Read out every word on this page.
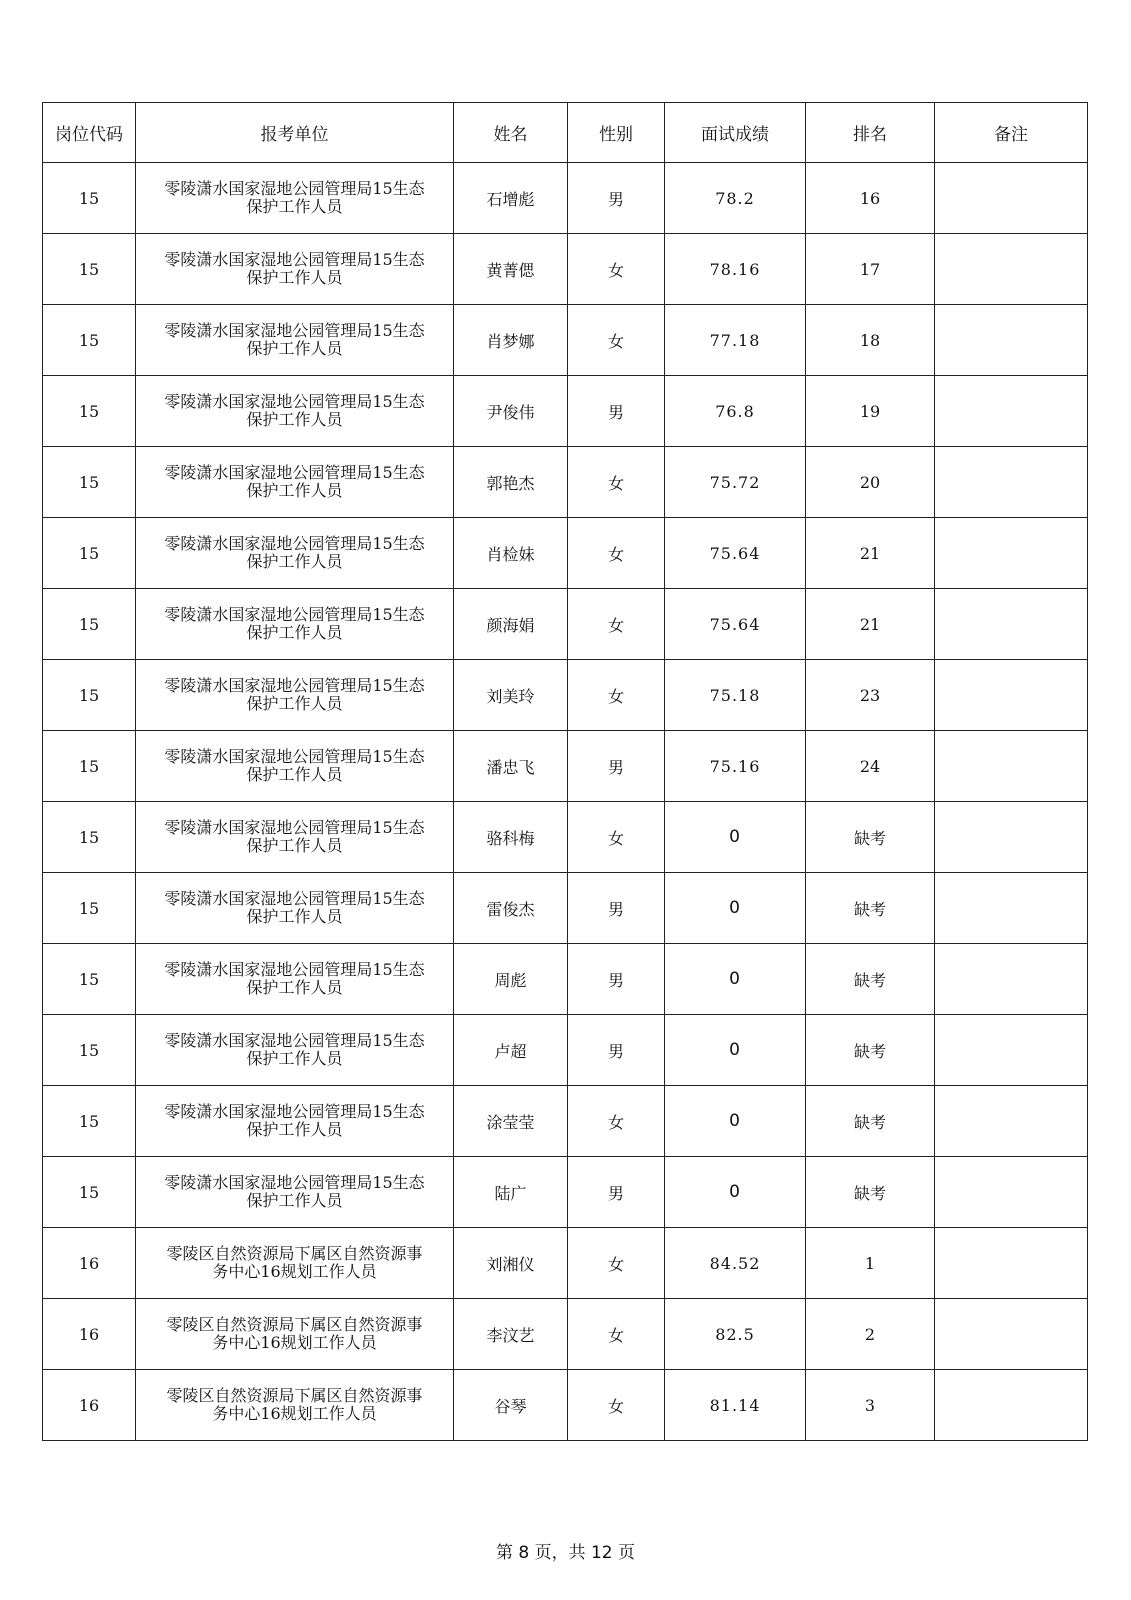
岗位代码	报考单位	姓名	性别	面试成绩	排名	备注
15	零陵潇水国家湿地公园管理局15生态
保护工作人员	石增彪	男	78.2	16	
15	零陵潇水国家湿地公园管理局15生态
保护工作人员	黄菁偲	女	78.16	17	
15	零陵潇水国家湿地公园管理局15生态
保护工作人员	肖梦娜	女	77.18	18	
15	零陵潇水国家湿地公园管理局15生态
保护工作人员	尹俊伟	男	76.8	19	
15	零陵潇水国家湿地公园管理局15生态
保护工作人员	郭艳杰	女	75.72	20	
15	零陵潇水国家湿地公园管理局15生态
保护工作人员	肖检妹	女	75.64	21	
15	零陵潇水国家湿地公园管理局15生态
保护工作人员	颜海娟	女	75.64	21	
15	零陵潇水国家湿地公园管理局15生态
保护工作人员	刘美玲	女	75.18	23	
15	零陵潇水国家湿地公园管理局15生态
保护工作人员	潘忠飞	男	75.16	24	
15	零陵潇水国家湿地公园管理局15生态
保护工作人员	骆科梅	女	0	缺考	
15	零陵潇水国家湿地公园管理局15生态
保护工作人员	雷俊杰	男	0	缺考	
15	零陵潇水国家湿地公园管理局15生态
保护工作人员	周彪	男	0	缺考	
15	零陵潇水国家湿地公园管理局15生态
保护工作人员	卢超	男	0	缺考	
15	零陵潇水国家湿地公园管理局15生态
保护工作人员	涂莹莹	女	0	缺考	
15	零陵潇水国家湿地公园管理局15生态
保护工作人员	陆广	男	0	缺考	
16	零陵区自然资源局下属区自然资源事
务中心16规划工作人员	刘湘仪	女	84.52	1	
16	零陵区自然资源局下属区自然资源事
务中心16规划工作人员	李汶艺	女	82.5	2	
16	零陵区自然资源局下属区自然资源事
务中心16规划工作人员	谷琴	女	81.14	3	
第 8 页，共 12 页
